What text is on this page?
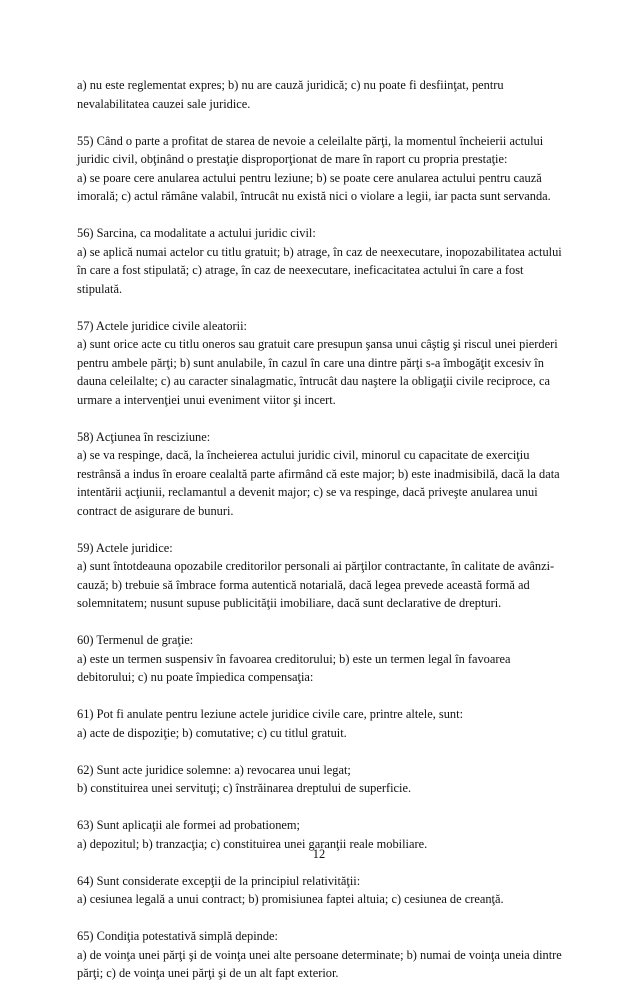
a) nu este reglementat expres; b) nu are cauză juridică; c) nu poate fi desfiinţat, pentru
nevalabilitatea cauzei sale juridice.
55) Când o parte a profitat de starea de nevoie a celeilalte părţi, la momentul încheierii actului
juridic civil, obţinând o prestaţie disproporţionat de mare în raport cu propria prestaţie:
a) se poare cere anularea actului pentru leziune; b) se poate cere anularea actului pentru cauză
imorală; c) actul rămâne valabil, întrucât nu există nici o violare a legii, iar pacta sunt servanda.
56) Sarcina, ca modalitate a actului juridic civil:
a) se aplică numai actelor cu titlu gratuit; b) atrage, în caz de neexecutare, inopozabilitatea actului
în care a fost stipulată; c) atrage, în caz de neexecutare, ineficacitatea actului în care a fost
stipulată.
57) Actele juridice civile aleatorii:
a) sunt orice acte cu titlu oneros sau gratuit care presupun şansa unui câştig şi riscul unei pierderi
pentru ambele părţi; b) sunt anulabile, în cazul în care una dintre părţi s-a îmbogăţit excesiv în
dauna celeilalte; c) au caracter sinalagmatic, întrucât dau naştere la obligaţii civile reciproce, ca
urmare a intervenţiei unui eveniment viitor şi incert.
58) Acţiunea în resciziune:
a) se va respinge, dacă, la încheierea actului juridic civil, minorul cu capacitate de exerciţiu
restrânsă a indus în eroare cealaltă parte afirmând că este major; b) este inadmisibilă, dacă la data
intentării acţiunii, reclamantul a devenit major; c) se va respinge, dacă priveşte anularea unui
contract de asigurare de bunuri.
59) Actele juridice:
a) sunt întotdeauna opozabile creditorilor personali ai părţilor contractante, în calitate de avânzi-
cauză; b) trebuie să îmbrace forma autentică notarială, dacă legea prevede această formă ad
solemnitatem; nusunt supuse publicităţii imobiliare, dacă sunt declarative de drepturi.
60) Termenul de graţie:
a) este un termen suspensiv în favoarea creditorului; b) este un termen legal în favoarea
debitorului; c) nu poate împiedica compensaţia:
61) Pot fi anulate pentru leziune actele juridice civile care, printre altele, sunt:
a) acte de dispoziţie; b) comutative; c) cu titlul gratuit.
62) Sunt acte juridice solemne: a) revocarea unui legat;
b) constituirea unei servituţi; c) înstrăinarea dreptului de superficie.
63) Sunt aplicaţii ale formei ad probationem;
a) depozitul; b) tranzacţia; c) constituirea unei garanţii reale mobiliare.
64) Sunt considerate excepţii de la principiul relativităţii:
a) cesiunea legală a unui contract; b) promisiunea faptei altuia; c) cesiunea de creanţă.
65) Condiţia potestativă simplă depinde:
a) de voinţa unei părţi şi de voinţa unei alte persoane determinate; b) numai de voinţa uneia dintre
părţi; c) de voinţa unei părţi şi de un alt fapt exterior.
12
